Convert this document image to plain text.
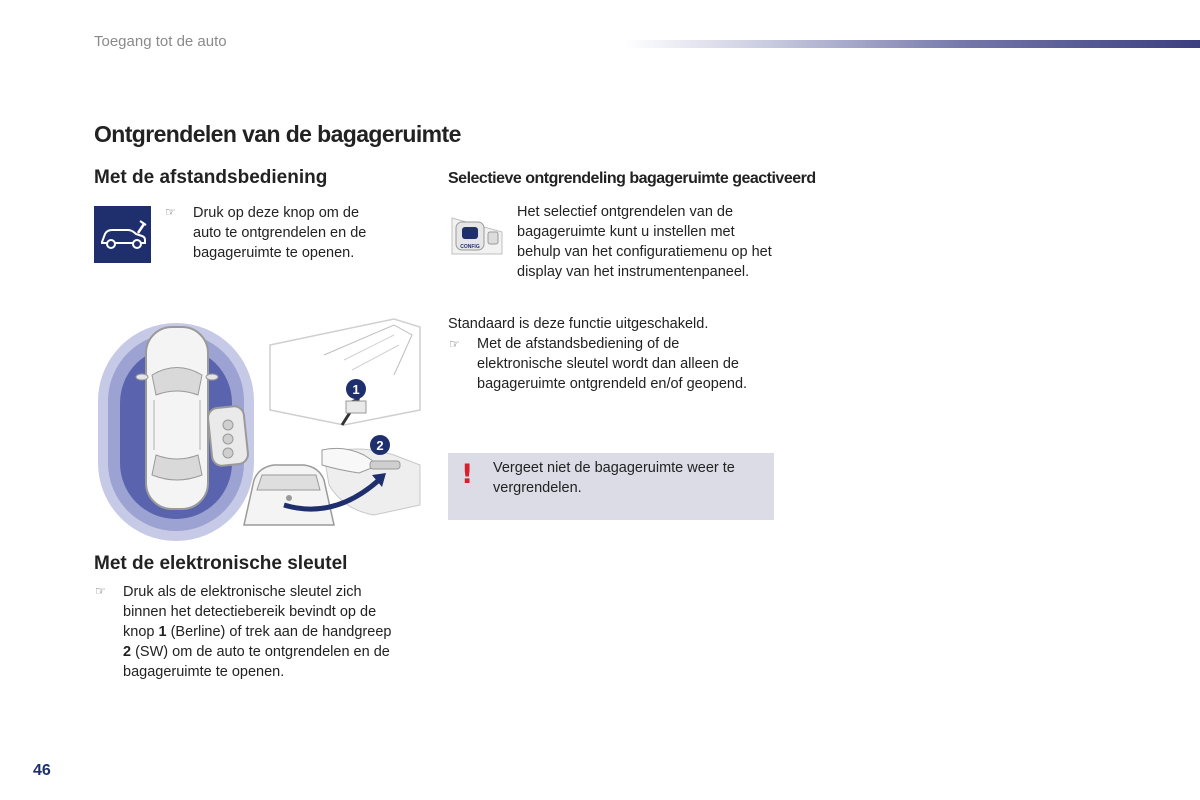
Toegang tot de auto
Ontgrendelen van de bagageruimte
Met de afstandsbediening
☞ Druk op deze knop om de
auto te ontgrendelen en de
bagageruimte te openen.
1
2
Met de elektronische sleutel
☞ Druk als de elektronische sleutel zich
binnen het detectiebereik bevindt op de
knop 1 (Berline) of trek aan de handgreep
2 (SW) om de auto te ontgrendelen en de
bagageruimte te openen.
Selectieve ontgrendeling bagageruimte geactiveerd
CONFIG
Het selectief ontgrendelen van de
bagageruimte kunt u instellen met
behulp van het configuratiemenu op het
display van het instrumentenpaneel.
Standaard is deze functie uitgeschakeld.
☞ Met de afstandsbediening of de
elektronische sleutel wordt dan alleen de
bagageruimte ontgrendeld en/of geopend.
! Vergeet niet de bagageruimte weer te
vergrendelen.
46
